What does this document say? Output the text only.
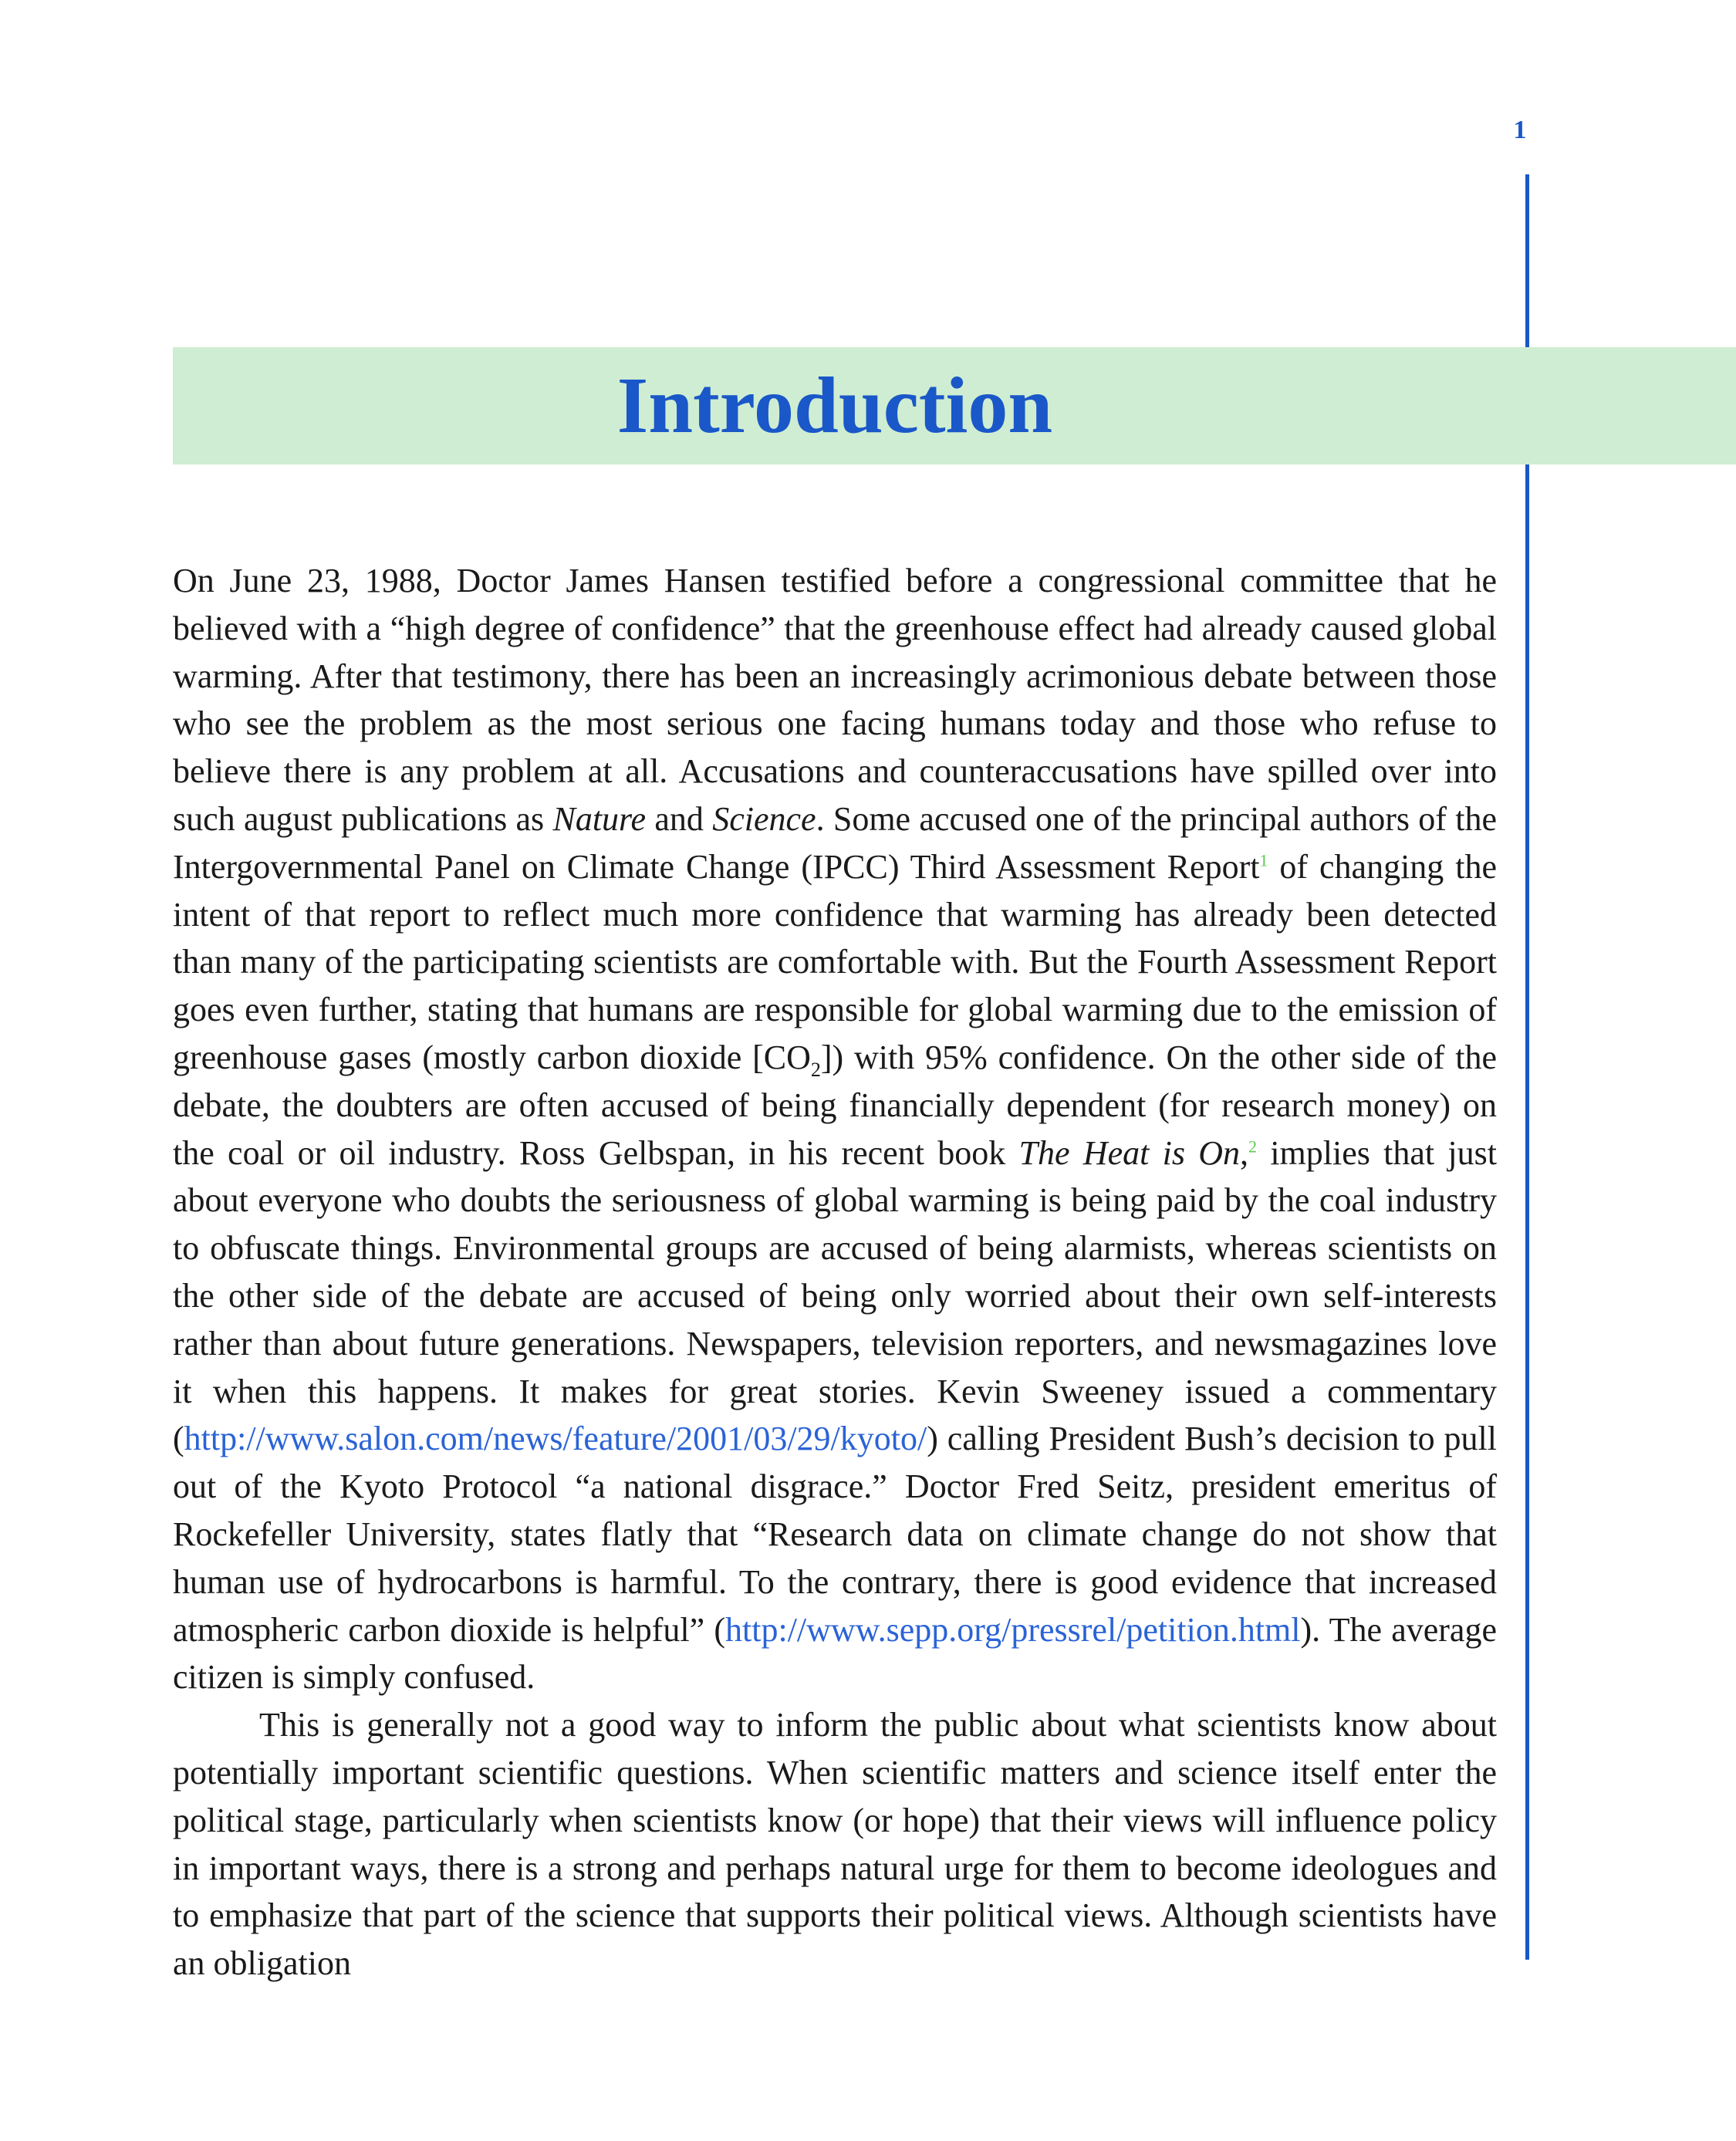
1
Introduction

On June 23, 1988, Doctor James Hansen testified before a congressional committee that he believed with a “high degree of confidence” that the greenhouse effect had already caused global warming. After that testimony, there has been an increasingly acrimonious debate between those who see the problem as the most serious one facing humans today and those who refuse to believe there is any problem at all. Accusations and counteraccusations have spilled over into such august publications as Nature and Science. Some accused one of the principal authors of the Intergovernmental Panel on Climate Change (IPCC) Third Assessment Report$^1$ of changing the intent of that report to reflect much more confidence that warming has already been detected than many of the participating scientists are comfortable with. But the Fourth Assessment Report goes even further, stating that humans are responsible for global warming due to the emission of greenhouse gases (mostly carbon dioxide $[CO_2]$) with 95% confidence. On the other side of the debate, the doubters are often accused of being financially dependent (for research money) on the coal or oil industry. Ross Gelbspan, in his recent book The Heat is On,$^2$ implies that just about everyone who doubts the seriousness of global warming is being paid by the coal industry to obfuscate things. Environmental groups are accused of being alarmists, whereas scientists on the other side of the debate are accused of being only worried about their own self-interests rather than about future generations. Newspapers, television reporters, and newsmagazines love it when this happens. It makes for great stories. Kevin Sweeney issued a commentary (http://www.salon.com/news/feature/2001/03/29/kyoto/) calling President Bush’s decision to pull out of the Kyoto Protocol “a national disgrace.” Doctor Fred Seitz, president emeritus of Rockefeller University, states flatly that “Research data on climate change do not show that human use of hydrocarbons is harmful. To the contrary, there is good evidence that increased atmospheric carbon dioxide is helpful” (http://www.sepp.org/pressrel/petition.html). The average citizen is simply confused.

This is generally not a good way to inform the public about what scientists know about potentially important scientific questions. When scientific matters and science itself enter the political stage, particularly when scientists know (or hope) that their views will influence policy in important ways, there is a strong and perhaps natural urge for them to become ideologues and to emphasize that part of the science that supports their political views. Although scientists have an obligation
